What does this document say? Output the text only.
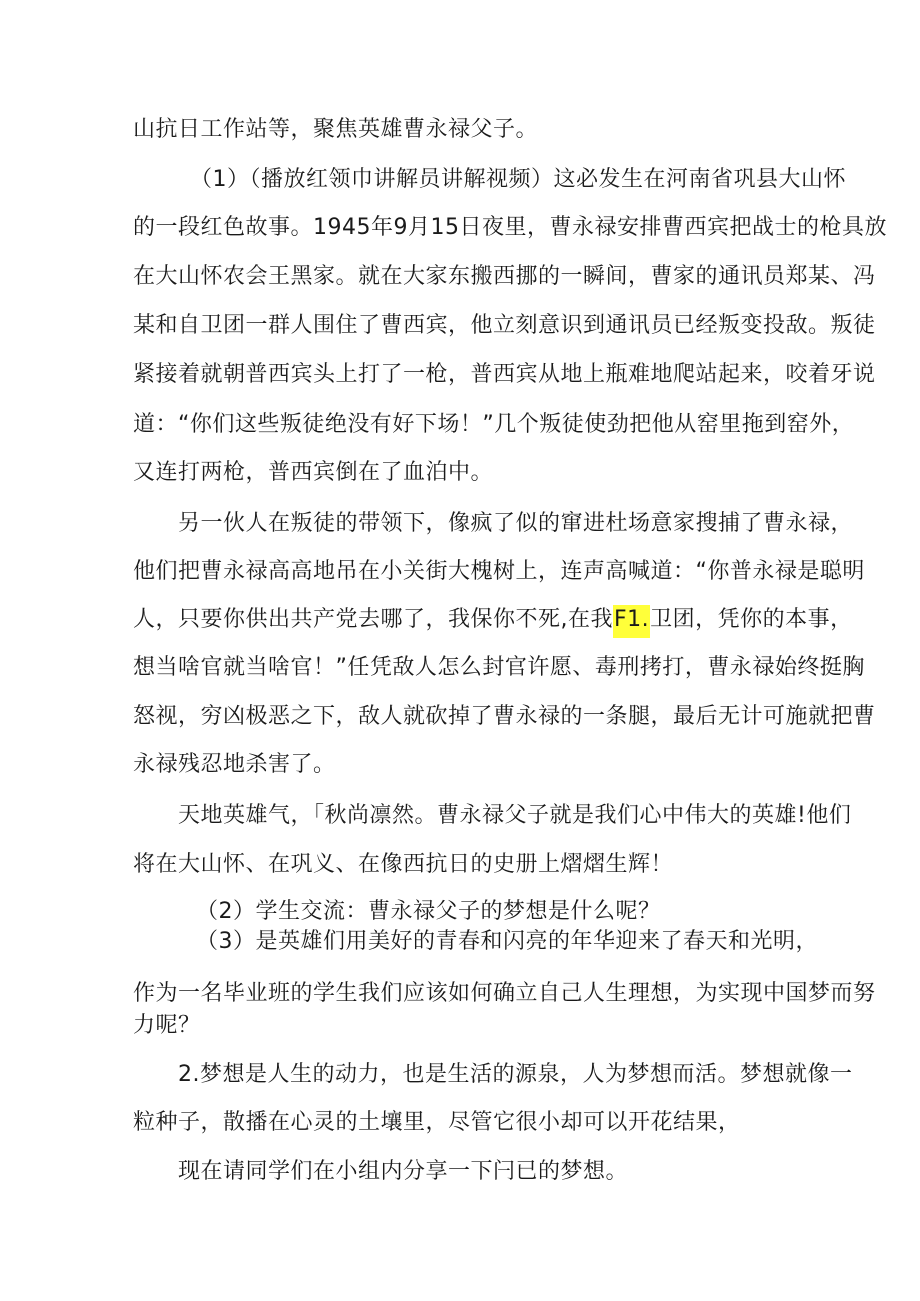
山抗日工作站等，聚焦英雄曹永禄父子。
（1）（播放红领巾讲解员讲解视频）这必发生在河南省巩县大山怀
的一段红色故事。1945年9月15日夜里，曹永禄安排曹西宾把战士的枪具放
在大山怀农会王黑家。就在大家东搬西挪的一瞬间，曹家的通讯员郑某、冯
某和自卫团一群人围住了曹西宾，他立刻意识到通讯员已经叛变投敌。叛徒
紧接着就朝普西宾头上打了一枪，普西宾从地上瓶难地爬站起来，咬着牙说
道：“你们这些叛徒绝没有好下场！”几个叛徒使劲把他从窑里拖到窑外，
又连打两枪，普西宾倒在了血泊中。
另一伙人在叛徒的带领下，像疯了似的窜进杜场意家搜捕了曹永禄，
他们把曹永禄高高地吊在小关街大槐树上，连声高喊道：“你普永禄是聪明
人，只要你供出共产党去哪了，我保你不死,在我F1.卫团，凭你的本事，
想当啥官就当啥官！”任凭敌人怎么封官许愿、毒刑拷打，曹永禄始终挺胸
怒视，穷凶极恶之下，敌人就砍掉了曹永禄的一条腿，最后无计可施就把曹
永禄残忍地杀害了。
天地英雄气，「秋尚凛然。曹永禄父子就是我们心中伟大的英雄!他们
将在大山怀、在巩义、在像西抗日的史册上熠熠生辉！
（2）学生交流：曹永禄父子的梦想是什么呢？
（3）是英雄们用美好的青春和闪亮的年华迎来了春天和光明，
作为一名毕业班的学生我们应该如何确立自己人生理想，为实现中国梦而努
力呢？
2.梦想是人生的动力，也是生活的源泉，人为梦想而活。梦想就像一
粒种子，散播在心灵的土壤里，尽管它很小却可以开花结果，
现在请同学们在小组内分享一下闩已的梦想。
